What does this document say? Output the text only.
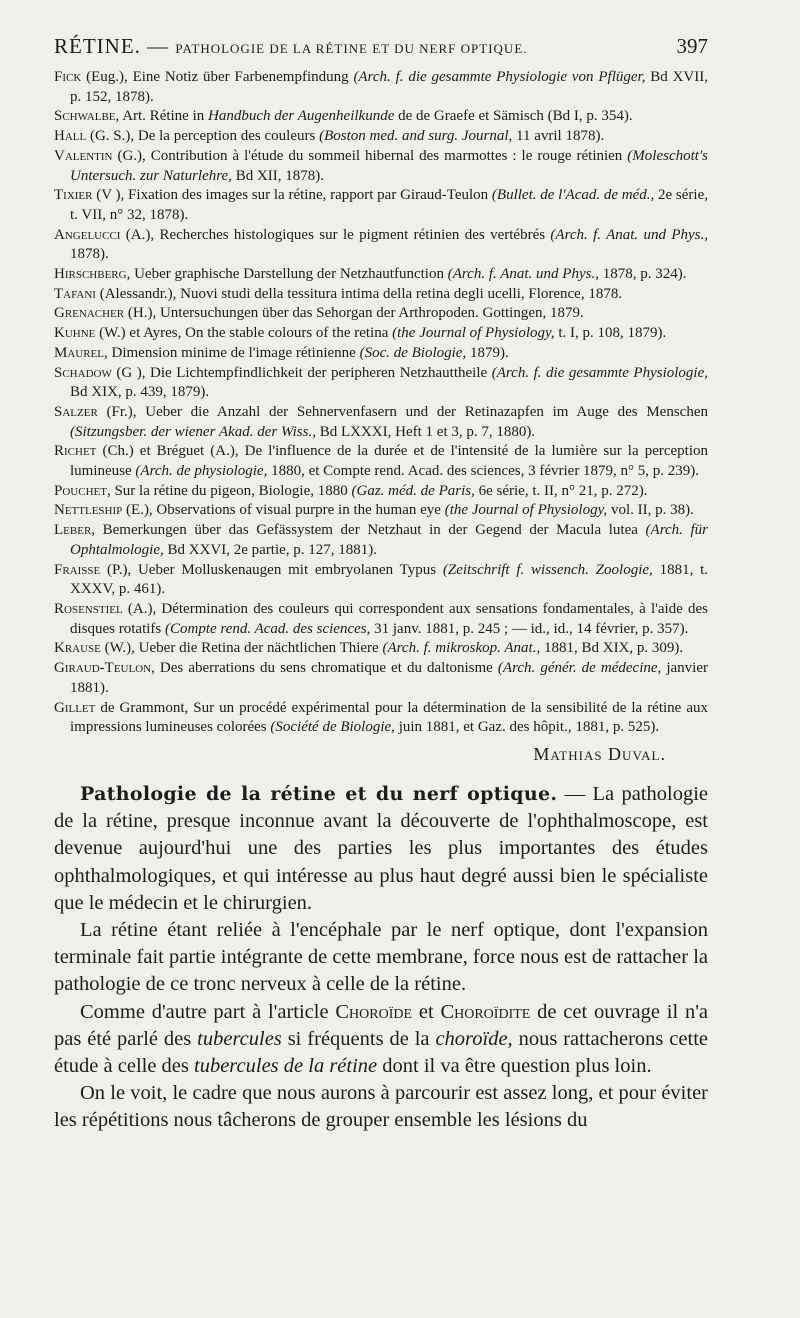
RÉTINE. — PATHOLOGIE DE LA RÉTINE ET DU NERF OPTIQUE.	397
Fick (Eug.), Eine Notiz über Farbenempfindung (Arch. f. die gesammte Physiologie von Pflüger, Bd XVII, p. 152, 1878).
Schwalbe, Art. Rétine in Handbuch der Augenheilkunde de de Graefe et Sämisch (Bd I, p. 354).
Hall (G. S.), De la perception des couleurs (Boston med. and surg. Journal, 11 avril 1878).
Valentin (G.), Contribution à l'étude du sommeil hibernal des marmottes : le rouge rétinien (Moleschott's Untersuch. zur Naturlehre, Bd XII, 1878).
Tixier (V ), Fixation des images sur la rétine, rapport par Giraud-Teulon (Bullet. de l'Acad. de méd., 2e série, t. VII, n° 32, 1878).
Angelucci (A.), Recherches histologiques sur le pigment rétinien des vertébrés (Arch. f. Anat. und Phys., 1878).
Hirschberg, Ueber graphische Darstellung der Netzhautfunction (Arch. f. Anat. und Phys., 1878, p. 324).
Tafani (Alessandr.), Nuovi studi della tessitura intima della retina degli ucelli, Florence, 1878.
Grenacher (H.), Untersuchungen über das Sehorgan der Arthropoden. Gottingen, 1879.
Kuhne (W.) et Ayres, On the stable colours of the retina (the Journal of Physiology, t. I, p. 108, 1879).
Maurel, Dimension minime de l'image rétinienne (Soc. de Biologie, 1879).
Schadow (G ), Die Lichtempfindlichkeit der peripheren Netzhauttheile (Arch. f. die gesammte Physiologie, Bd XIX, p. 439, 1879).
Salzer (Fr.), Ueber die Anzahl der Sehnervenfasern und der Retinazapfen im Auge des Menschen (Sitzungsber. der wiener Akad. der Wiss., Bd LXXXI, Heft 1 et 3, p. 7, 1880).
Richet (Ch.) et Bréguet (A.), De l'influence de la durée et de l'intensité de la lumière sur la perception lumineuse (Arch. de physiologie, 1880, et Compte rend. Acad. des sciences, 3 février 1879, n° 5, p. 239).
Pouchet, Sur la rétine du pigeon, Biologie, 1880 (Gaz. méd. de Paris, 6e série, t. II, n° 21, p. 272).
Nettleship (E.), Observations of visual purpre in the human eye (the Journal of Physiology, vol. II, p. 38).
Leber, Bemerkungen über das Gefässystem der Netzhaut in der Gegend der Macula lutea (Arch. für Ophtalmologie, Bd XXVI, 2e partie, p. 127, 1881).
Fraisse (P.), Ueber Molluskenaugen mit embryolanen Typus (Zeitschrift f. wissench. Zoologie, 1881, t. XXXV, p. 461).
Rosenstiel (A.), Détermination des couleurs qui correspondent aux sensations fondamentales, à l'aide des disques rotatifs (Compte rend. Acad. des sciences, 31 janv. 1881, p. 245 ; — id., id., 14 février, p. 357).
Krause (W.), Ueber die Retina der nächtlichen Thiere (Arch. f. mikroskop. Anat., 1881, Bd XIX, p. 309).
Giraud-Teulon, Des aberrations du sens chromatique et du daltonisme (Arch. génér. de médecine, janvier 1881).
Gillet de Grammont, Sur un procédé expérimental pour la détermination de la sensibilité de la rétine aux impressions lumineuses colorées (Société de Biologie, juin 1881, et Gaz. des hôpit., 1881, p. 525).
Mathias Duval.

Pathologie de la rétine et du nerf optique. — La pathologie de la rétine, presque inconnue avant la découverte de l'ophthalmoscope, est devenue aujourd'hui une des parties les plus importantes des études ophthalmologiques, et qui intéresse au plus haut degré aussi bien le spécialiste que le médecin et le chirurgien.

La rétine étant reliée à l'encéphale par le nerf optique, dont l'expansion terminale fait partie intégrante de cette membrane, force nous est de rattacher la pathologie de ce tronc nerveux à celle de la rétine.

Comme d'autre part à l'article Choroïde et Choroïdite de cet ouvrage il n'a pas été parlé des tubercules si fréquents de la choroïde, nous rattacherons cette étude à celle des tubercules de la rétine dont il va être question plus loin.

On le voit, le cadre que nous aurons à parcourir est assez long, et pour éviter les répétitions nous tâcherons de grouper ensemble les lésions du
